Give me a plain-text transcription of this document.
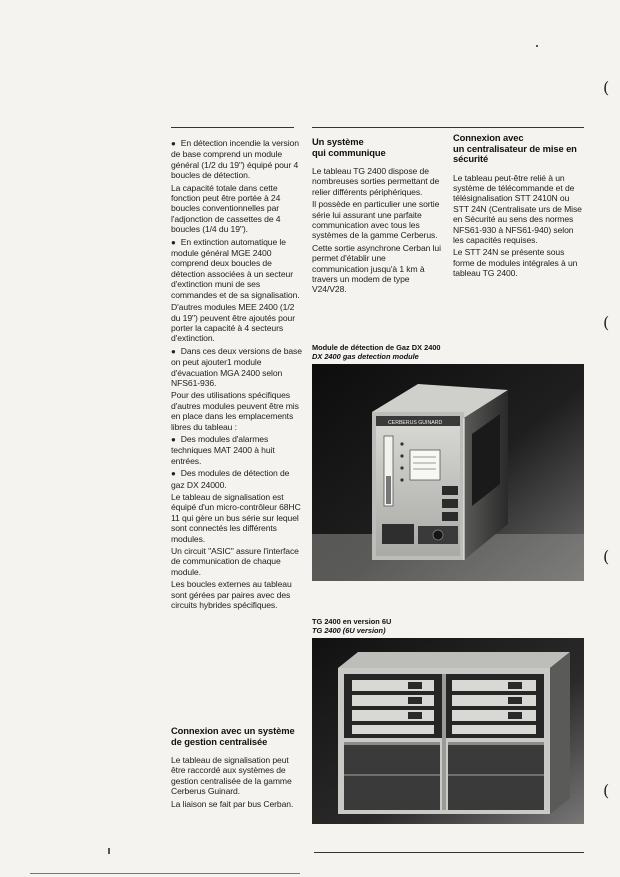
(
(
(
(

● En détection incendie la version de base comprend un module général (1/2 du 19") équipé pour 4 boucles de détection.

La capacité totale dans cette fonction peut être portée à 24 boucles conventionnelles par l'adjonction de cassettes de 4 boucles (1/4 du 19").

● En extinction automatique le module général MGE 2400 comprend deux boucles de détection associées à un secteur d'extinction muni de ses commandes et de sa signalisation.

D'autres modules MEE 2400 (1/2 du 19") peuvent être ajoutés pour porter la capacité à 4 secteurs d'extinction.

● Dans ces deux versions de base on peut ajouter1 module d'évacuation MGA 2400 selon NFS61-936.

Pour des utilisations spécifiques d'autres modules peuvent être mis en place dans les emplacements libres du tableau :

● Des modules d'alarmes techniques MAT 2400 à huit entrées.

● Des modules de détection de gaz DX 24000.

Le tableau de signalisation est équipé d'un micro-contrôleur 68HC 11 qui gère un bus série sur lequel sont connectés les différents modules.

Un circuit "ASIC" assure l'interface de communication de chaque module.

Les boucles externes au tableau sont gérées par paires avec des circuits hybrides spécifiques.

Connexion avec un système
de gestion centralisée

Le tableau de signalisation peut être raccordé aux systèmes de gestion centralisée de la gamme Cerberus Guinard.

La liaison se fait par bus Cerban.

Un système
qui communique

Le tableau TG 2400 dispose de nombreuses sorties permettant de relier différents périphériques.

Il possède en particulier une sortie série lui assurant une parfaite communication avec tous les systèmes de la gamme Cerberus.

Cette sortie asynchrone Cerban lui permet d'établir une communication jusqu'à 1 km à travers un modem de type V24/V28.

Connexion avec
un centralisateur de mise en
sécurité

Le tableau peut-être relié à un système de télécommande et de télésignalisation STT 2410N ou STT 24N (Centralisate urs de Mise en Sécurité au sens des normes NFS61-930 à NFS61-940) selon les capacités requises.

Le STT 24N se présente sous forme de modules intégrales à un tableau TG 2400.

Module de détection de Gaz DX 2400
DX 2400 gas detection module
CERBERUS GUINARD
TG 2400 en version 6U
TG 2400 (6U version)
